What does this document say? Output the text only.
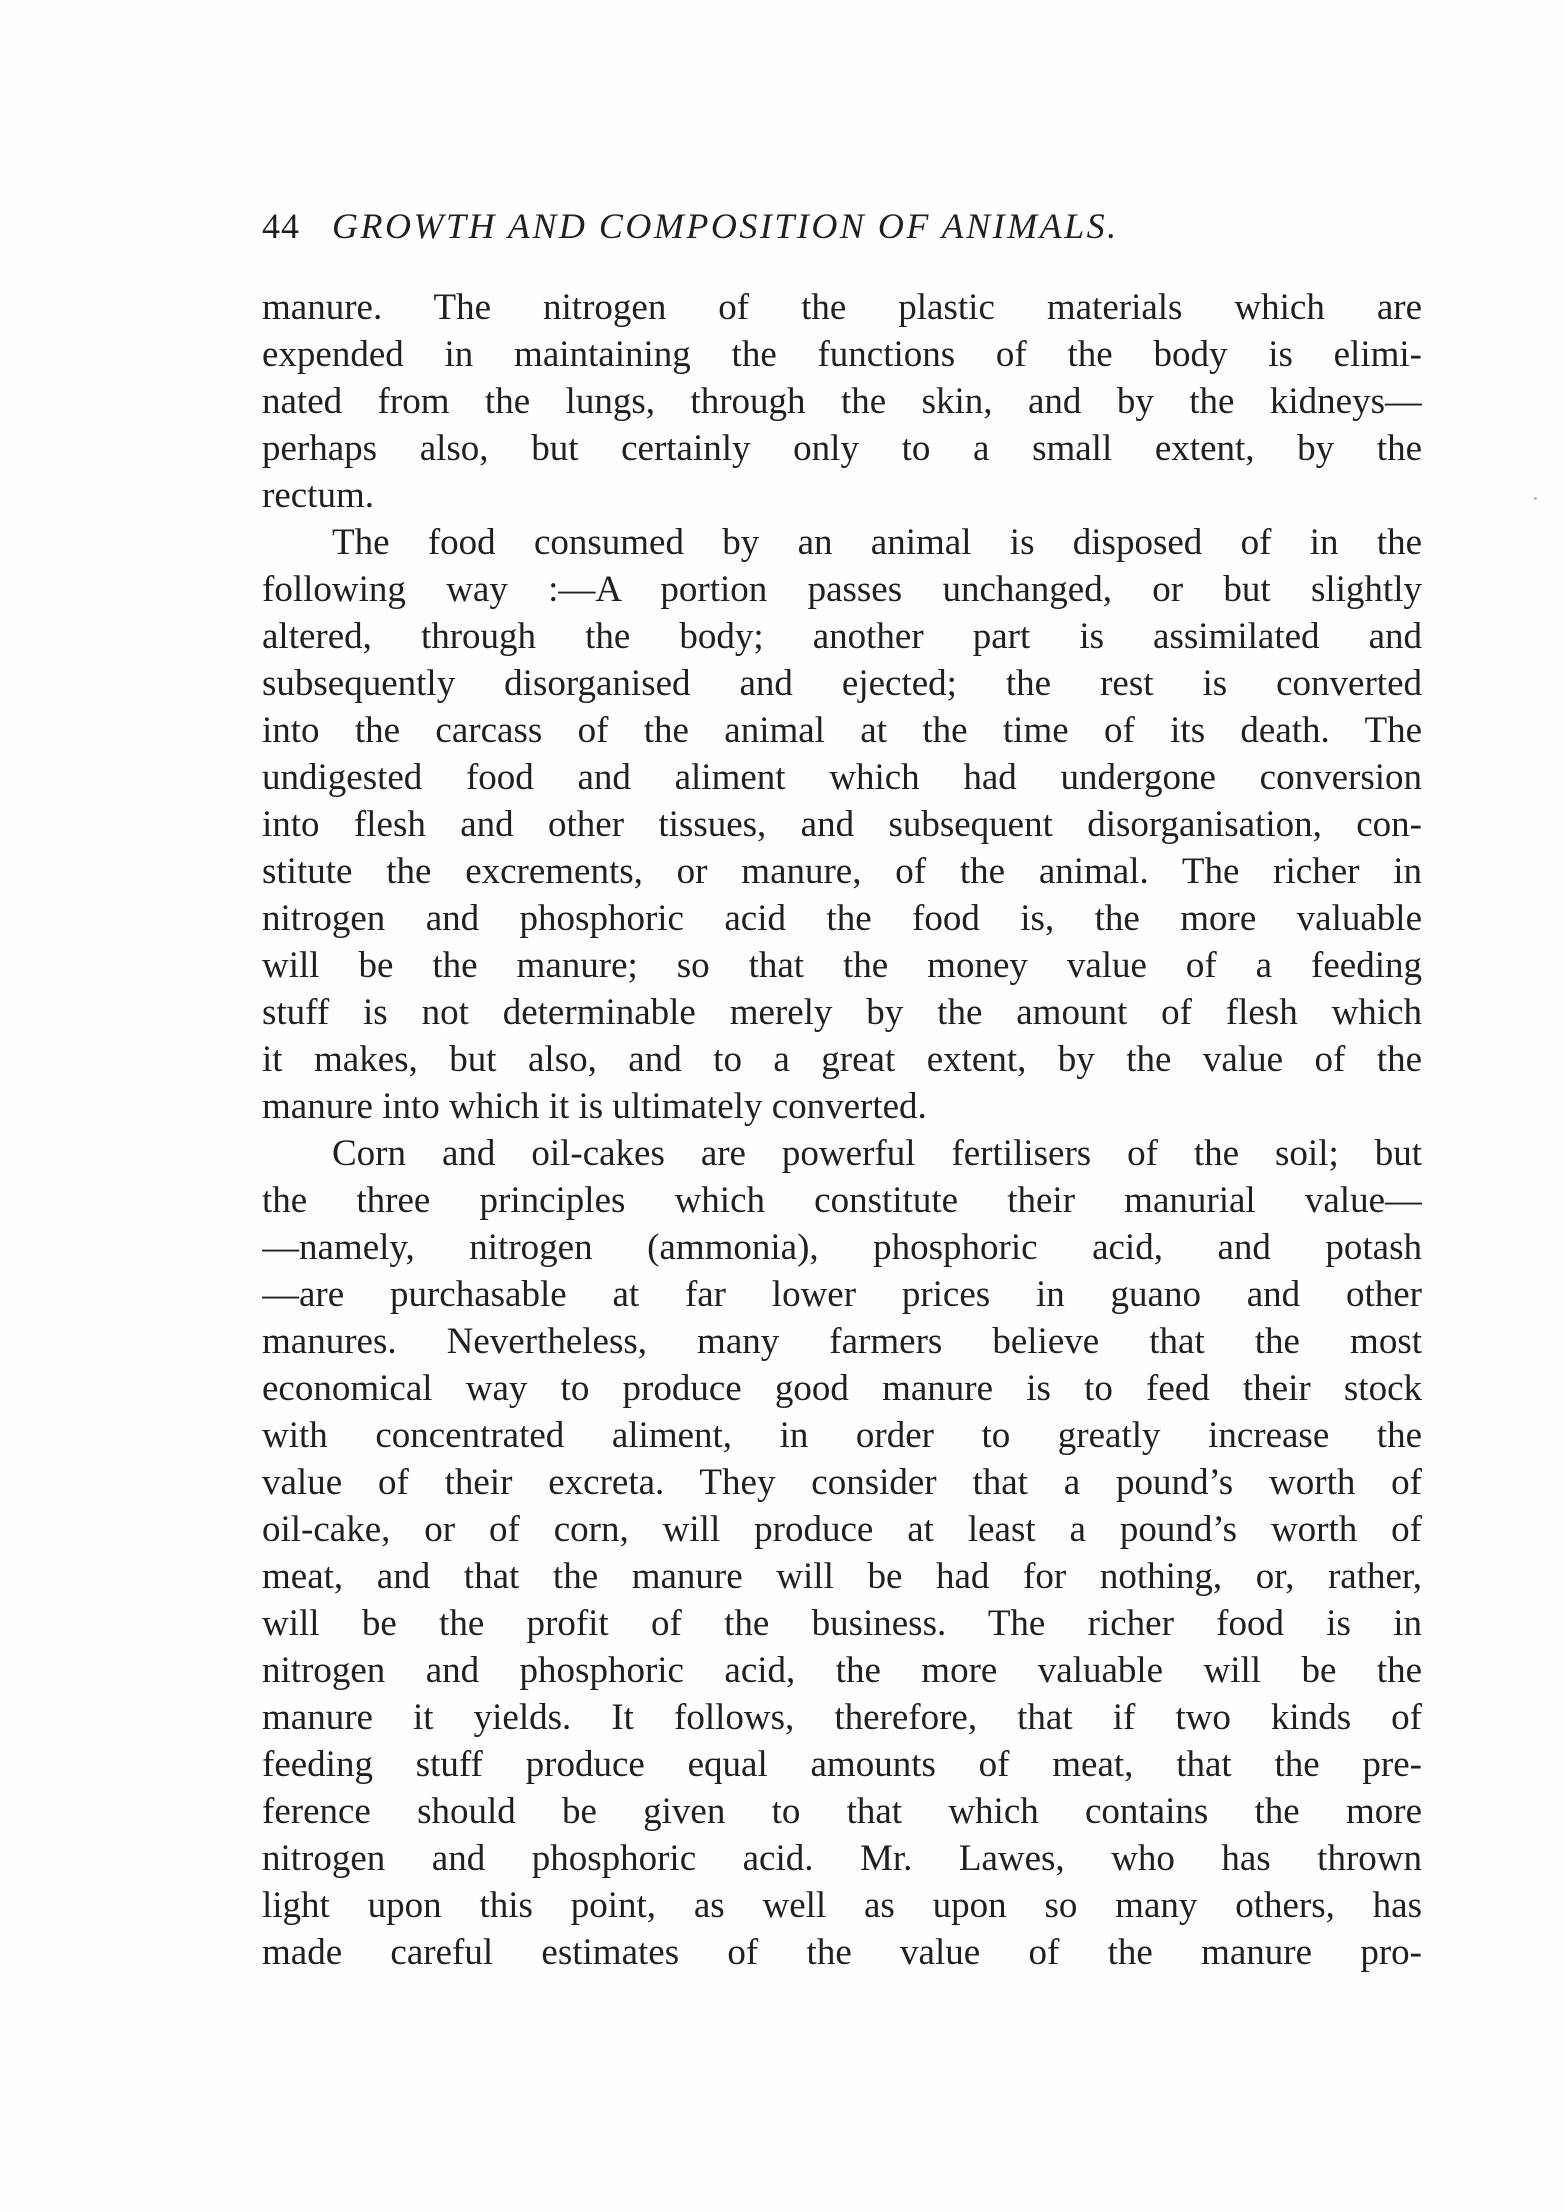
44 GROWTH AND COMPOSITION OF ANIMALS.
manure. The nitrogen of the plastic materials which are
expended in maintaining the functions of the body is elimi-
nated from the lungs, through the skin, and by the kidneys—
perhaps also, but certainly only to a small extent, by the
rectum.
The food consumed by an animal is disposed of in the
following way :—A portion passes unchanged, or but slightly
altered, through the body; another part is assimilated and
subsequently disorganised and ejected; the rest is converted
into the carcass of the animal at the time of its death. The
undigested food and aliment which had undergone conversion
into flesh and other tissues, and subsequent disorganisation, con-
stitute the excrements, or manure, of the animal. The richer in
nitrogen and phosphoric acid the food is, the more valuable
will be the manure; so that the money value of a feeding
stuff is not determinable merely by the amount of flesh which
it makes, but also, and to a great extent, by the value of the
manure into which it is ultimately converted.
Corn and oil-cakes are powerful fertilisers of the soil; but
the three principles which constitute their manurial value—
—namely, nitrogen (ammonia), phosphoric acid, and potash
—are purchasable at far lower prices in guano and other
manures. Nevertheless, many farmers believe that the most
economical way to produce good manure is to feed their stock
with concentrated aliment, in order to greatly increase the
value of their excreta. They consider that a pound’s worth of
oil-cake, or of corn, will produce at least a pound’s worth of
meat, and that the manure will be had for nothing, or, rather,
will be the profit of the business. The richer food is in
nitrogen and phosphoric acid, the more valuable will be the
manure it yields. It follows, therefore, that if two kinds of
feeding stuff produce equal amounts of meat, that the pre-
ference should be given to that which contains the more
nitrogen and phosphoric acid. Mr. Lawes, who has thrown
light upon this point, as well as upon so many others, has
made careful estimates of the value of the manure pro-
